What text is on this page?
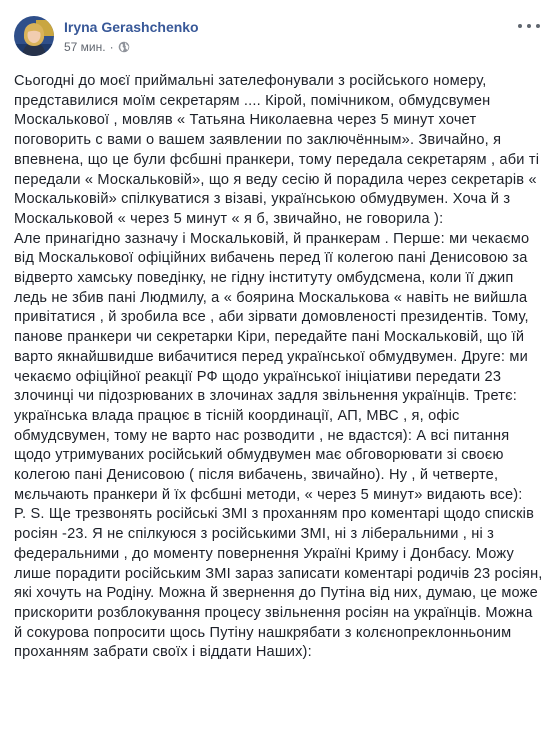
Iryna Gerashchenko
57 мин. ·

Сьогодні до моєї приймальні зателефонували з російського номеру, представилися моїм секретарям .... Кірой, помічником, обмудсвумен Москалькової , мовляв « Татьяна Николаевна через 5 минут хочет поговорить с вами о вашем заявлении по заключённым». Звичайно, я впевнена, що це були фсбшні пранкери, тому передала секретарям , аби ті передали « Москальковій», що я веду сесію й порадила через секретарів « Москальковій» спілкуватися з візаві, українською обмудвумен. Хоча й з Москальковой « через 5 минут « я б, звичайно, не говорила ):

Але принагідно зазначу і Москальковій, й пранкерам . Перше: ми чекаємо від Москалькової офіційних вибачень перед її колегою пані Денисовою за відверто хамську поведінку, не гідну інституту омбудсмена, коли її джип ледь не збив пані Людмилу, а « боярина Москалькова « навіть не вийшла привітатися , й зробила все , аби зірвати домовленості президентів. Тому, панове пранкери чи секретарки Кіри, передайте пані Москальковій, що їй варто якнайшвидше вибачитися перед української обмудвумен. Друге: ми чекаємо офіційної реакції РФ щодо української ініціативи передати 23 злочинці чи підозрюваних в злочинах задля звільнення українців. Третє: українська влада працює в тісній координації, АП, МВС , я, офіс обмудсвумен, тому не варто нас розводити , не вдастся): А всі питання щодо утримуваних російський обмудвумен має обговорювати зі своєю колегою пані Денисовою ( після вибачень, звичайно). Ну , й четверте, мєльчають пранкери й їх фсбшні методи, « через 5 минут» видають все):

P. S. Ще трезвонять російські ЗМІ з проханням про коментарі щодо списків росіян -23. Я не спілкуюся з російськими ЗМІ, ні з ліберальними , ні з федеральними , до моменту повернення Україні Криму і Донбасу. Можу лише порадити російським ЗМІ зараз записати коментарі родичів 23 росіян, які хочуть на Родіну. Можна й звернення до Путіна від них, думаю, це може прискорити розблокування процесу звільнення росіян на українців. Можна й сокурова попросити щось Путіну нашкрябати з колєнопреклонньоним проханням забрати своїх і віддати Наших):
